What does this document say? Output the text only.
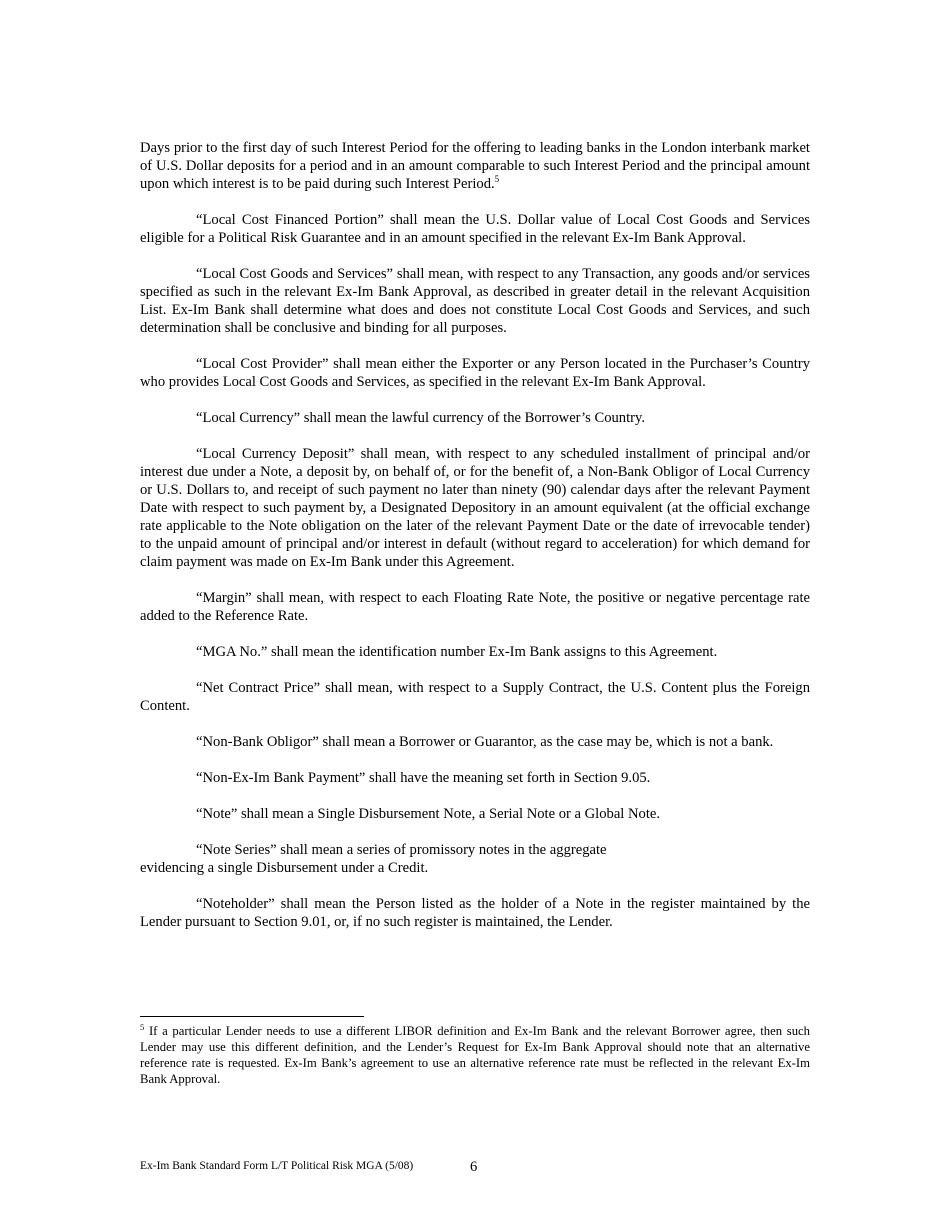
Days prior to the first day of such Interest Period for the offering to leading banks in the London interbank market of U.S. Dollar deposits for a period and in an amount comparable to such Interest Period and the principal amount upon which interest is to be paid during such Interest Period.$^5$

“Local Cost Financed Portion” shall mean the U.S. Dollar value of Local Cost Goods and Services eligible for a Political Risk Guarantee and in an amount specified in the relevant Ex-Im Bank Approval.

“Local Cost Goods and Services” shall mean, with respect to any Transaction, any goods and/or services specified as such in the relevant Ex-Im Bank Approval, as described in greater detail in the relevant Acquisition List. Ex-Im Bank shall determine what does and does not constitute Local Cost Goods and Services, and such determination shall be conclusive and binding for all purposes.

“Local Cost Provider” shall mean either the Exporter or any Person located in the Purchaser’s Country who provides Local Cost Goods and Services, as specified in the relevant Ex-Im Bank Approval.

“Local Currency” shall mean the lawful currency of the Borrower’s Country.

“Local Currency Deposit” shall mean, with respect to any scheduled installment of principal and/or interest due under a Note, a deposit by, on behalf of, or for the benefit of, a Non-Bank Obligor of Local Currency or U.S. Dollars to, and receipt of such payment no later than ninety (90) calendar days after the relevant Payment Date with respect to such payment by, a Designated Depository in an amount equivalent (at the official exchange rate applicable to the Note obligation on the later of the relevant Payment Date or the date of irrevocable tender) to the unpaid amount of principal and/or interest in default (without regard to acceleration) for which demand for claim payment was made on Ex-Im Bank under this Agreement.

“Margin” shall mean, with respect to each Floating Rate Note, the positive or negative percentage rate added to the Reference Rate.

“MGA No.” shall mean the identification number Ex-Im Bank assigns to this Agreement.

“Net Contract Price” shall mean, with respect to a Supply Contract, the U.S. Content plus the Foreign Content.

“Non-Bank Obligor” shall mean a Borrower or Guarantor, as the case may be, which is not a bank.

“Non-Ex-Im Bank Payment” shall have the meaning set forth in Section 9.05.

“Note” shall mean a Single Disbursement Note, a Serial Note or a Global Note.

“Note Series” shall mean a series of promissory notes in the aggregate
evidencing a single Disbursement under a Credit.

“Noteholder” shall mean the Person listed as the holder of a Note in the register maintained by the Lender pursuant to Section 9.01, or, if no such register is maintained, the Lender.

$^5$ If a particular Lender needs to use a different LIBOR definition and Ex-Im Bank and the relevant Borrower agree, then such Lender may use this different definition, and the Lender’s Request for Ex-Im Bank Approval should note that an alternative reference rate is requested. Ex-Im Bank’s agreement to use an alternative reference rate must be reflected in the relevant Ex-Im Bank Approval.
Ex-Im Bank Standard Form L/T Political Risk MGA (5/08)	6
